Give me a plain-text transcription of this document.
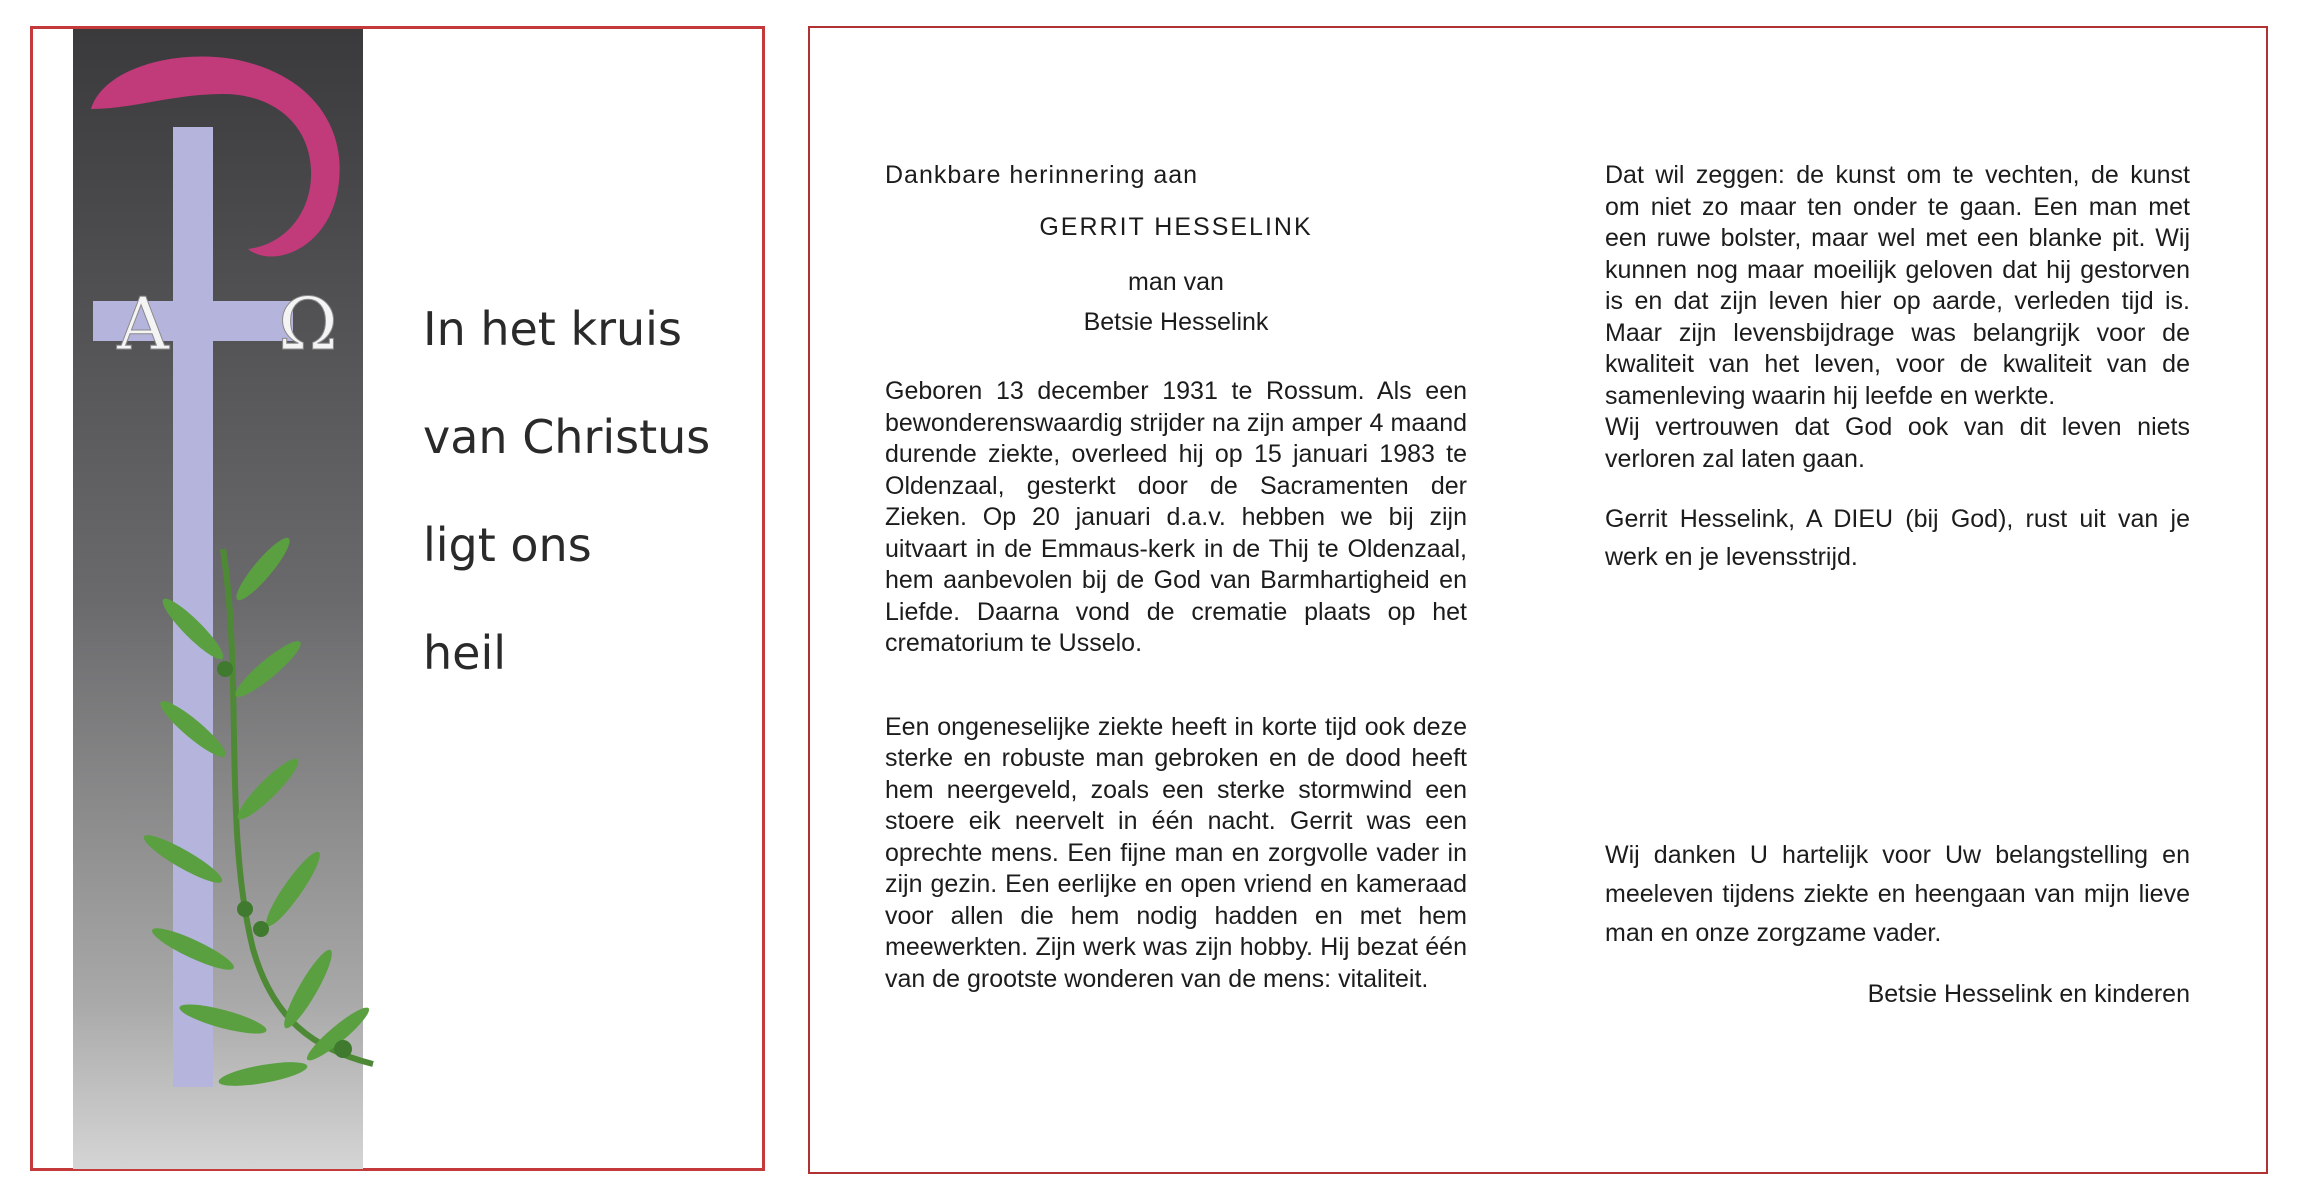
Α Ω In het kruis
van Christus
ligt ons
heil

Dankbare herinnering aan

GERRIT HESSELINK

man van

Betsie Hesselink

Geboren 13 december 1931 te Rossum. Als een bewonderenswaardig strijder na zijn amper 4 maand durende ziekte, overleed hij op 15 januari 1983 te Oldenzaal, gesterkt door de Sacramenten der Zieken. Op 20 januari d.a.v. hebben we bij zijn uitvaart in de Emmaus-kerk in de Thij te Oldenzaal, hem aanbevolen bij de God van Barmhartigheid en Liefde. Daarna vond de crematie plaats op het crematorium te Usselo.

Een ongeneselijke ziekte heeft in korte tijd ook deze sterke en robuste man gebroken en de dood heeft hem neergeveld, zoals een sterke stormwind een stoere eik neervelt in één nacht. Gerrit was een oprechte mens. Een fijne man en zorgvolle vader in zijn gezin. Een eerlijke en open vriend en kameraad voor allen die hem nodig hadden en met hem meewerkten. Zijn werk was zijn hobby. Hij bezat één van de grootste wonderen van de mens: vitaliteit.

Dat wil zeggen: de kunst om te vechten, de kunst om niet zo maar ten onder te gaan. Een man met een ruwe bolster, maar wel met een blanke pit. Wij kunnen nog maar moeilijk geloven dat hij gestorven is en dat zijn leven hier op aarde, verleden tijd is. Maar zijn levensbijdrage was belangrijk voor de kwaliteit van het leven, voor de kwaliteit van de samenleving waarin hij leefde en werkte.

Wij vertrouwen dat God ook van dit leven niets verloren zal laten gaan.

Gerrit Hesselink, A DIEU (bij God), rust uit van je werk en je levensstrijd.

Wij danken U hartelijk voor Uw belangstelling en meeleven tijdens ziekte en heengaan van mijn lieve man en onze zorgzame vader.

Betsie Hesselink en kinderen
